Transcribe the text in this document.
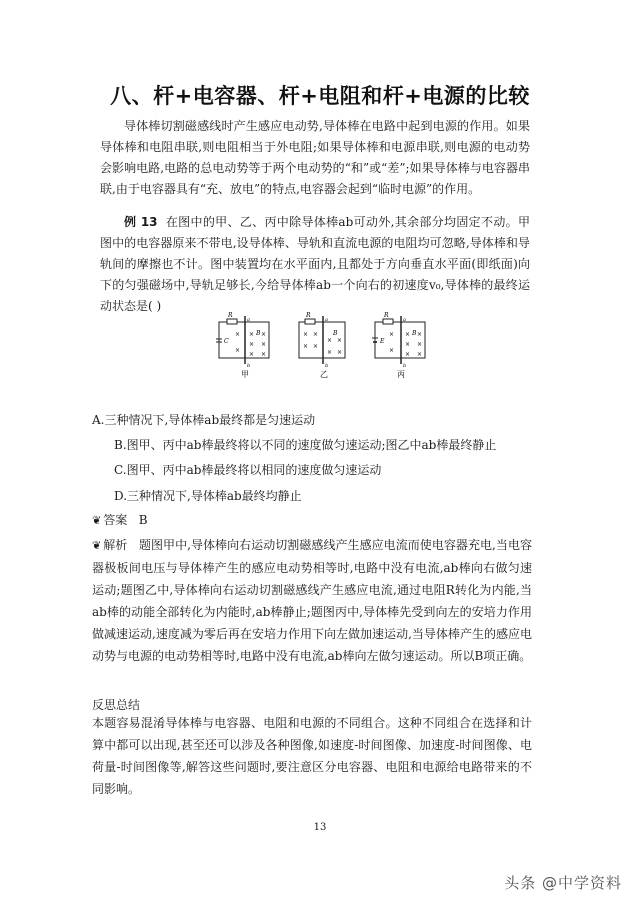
八、杆+电容器、杆+电阻和杆+电源的比较

导体棒切割磁感线时产生感应电动势,导体棒在电路中起到电源的作用。如果导体棒和电阻串联,则电阻相当于外电阻;如果导体棒和电源串联,则电源的电动势会影响电路,电路的总电动势等于两个电动势的“和”或“差”;如果导体棒与电容器串联,由于电容器具有“充、放电”的特点,电容器会起到“临时电源”的作用。

例 13 在图中的甲、乙、丙中除导体棒ab可动外,其余部分均固定不动。甲图中的电容器原来不带电,设导体棒、导轨和直流电源的电阻均可忽略,导体棒和导轨间的摩擦也不计。图中装置均在水平面内,且都处于方向垂直水平面(即纸面)向下的匀强磁场中,导轨足够长,今给导体棒ab一个向右的初速度v₀,导体棒的最终运动状态是( )

R
C
a
b
B
× ×
× ×
× ×
×
×
甲
R
a
b
B
× ×
× ×
× ×
× ×
乙
R
E
a
b
B
× ×
× ×
× ×
×
×
丙
A.三种情况下,导体棒ab最终都是匀速运动
B.图甲、丙中ab棒最终将以不同的速度做匀速运动;图乙中ab棒最终静止
C.图甲、丙中ab棒最终将以相同的速度做匀速运动
D.三种情况下,导体棒ab最终均静止
❦ 答案 B

❦ 解析 题图甲中,导体棒向右运动切割磁感线产生感应电流而使电容器充电,当电容器极板间电压与导体棒产生的感应电动势相等时,电路中没有电流,ab棒向右做匀速运动;题图乙中,导体棒向右运动切割磁感线产生感应电流,通过电阻R转化为内能,当ab棒的动能全部转化为内能时,ab棒静止;题图丙中,导体棒先受到向左的安培力作用做减速运动,速度减为零后再在安培力作用下向左做加速运动,当导体棒产生的感应电动势与电源的电动势相等时,电路中没有电流,ab棒向左做匀速运动。所以B项正确。

反思总结

本题容易混淆导体棒与电容器、电阻和电源的不同组合。这种不同组合在选择和计算中都可以出现,甚至还可以涉及各种图像,如速度-时间图像、加速度-时间图像、电荷量-时间图像等,解答这些问题时,要注意区分电容器、电阻和电源给电路带来的不同影响。

13
头条 @中学资料
